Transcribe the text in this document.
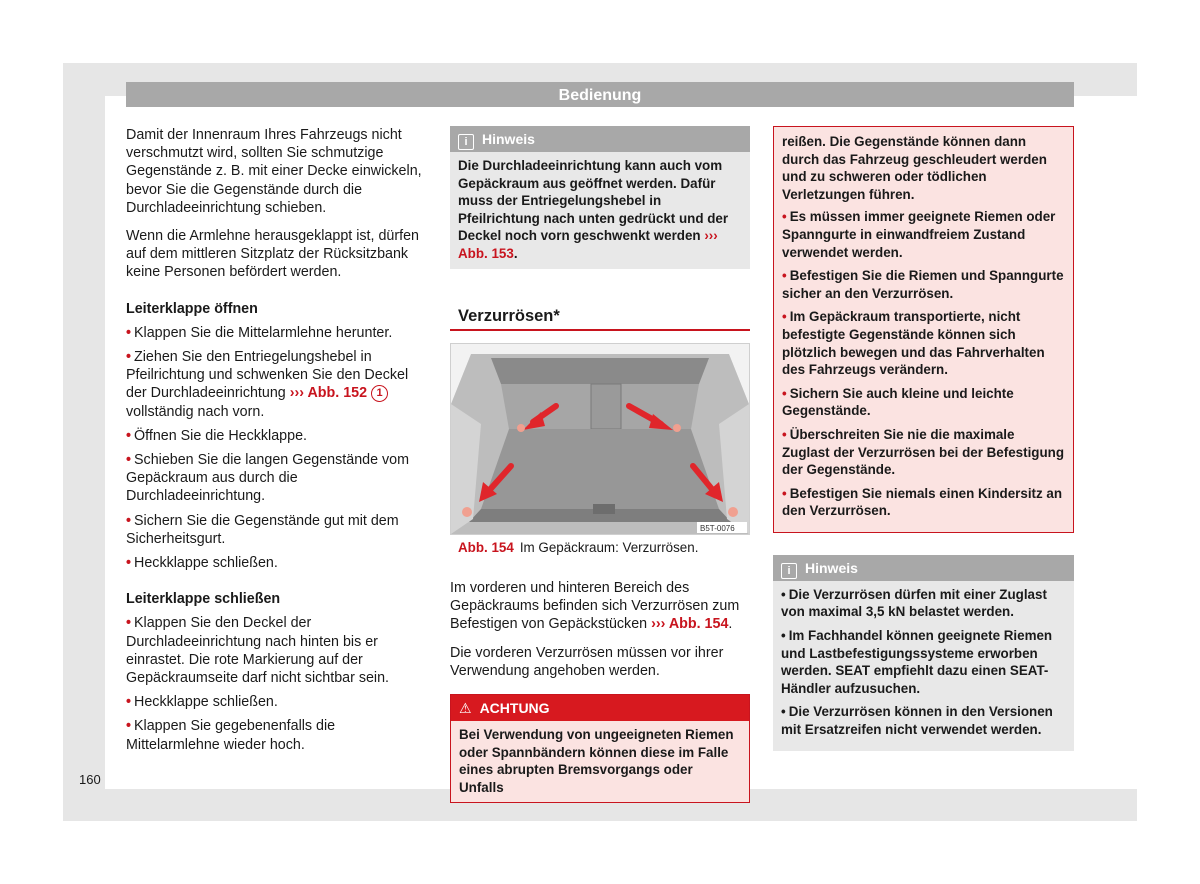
Bedienung

Damit der Innenraum Ihres Fahrzeugs nicht verschmutzt wird, sollten Sie schmutzige Gegenstände z. B. mit einer Decke einwickeln, bevor Sie die Gegenstände durch die Durchladeeinrichtung schieben.

Wenn die Armlehne herausgeklappt ist, dürfen auf dem mittleren Sitzplatz der Rücksitzbank keine Personen befördert werden.

Leiterklappe öffnen
• Klappen Sie die Mittelarmlehne herunter.
• Ziehen Sie den Entriegelungshebel in Pfeilrichtung und schwenken Sie den Deckel der Durchladeeinrichtung ››› Abb. 152 1 vollständig nach vorn.
• Öffnen Sie die Heckklappe.
• Schieben Sie die langen Gegenstände vom Gepäckraum aus durch die Durchladeeinrichtung.
• Sichern Sie die Gegenstände gut mit dem Sicherheitsgurt.
• Heckklappe schließen.
Leiterklappe schließen
• Klappen Sie den Deckel der Durchladeeinrichtung nach hinten bis er einrastet. Die rote Markierung auf der Gepäckraumseite darf nicht sichtbar sein.
• Heckklappe schließen.
• Klappen Sie gegebenenfalls die Mittelarmlehne wieder hoch.
i Hinweis
Die Durchladeeinrichtung kann auch vom Gepäckraum aus geöffnet werden. Dafür muss der Entriegelungshebel in Pfeilrichtung nach unten gedrückt und der Deckel noch vorn geschwenkt werden ››› Abb. 153.
Verzurrösen*
B5T-0076
Abb. 154 Im Gepäckraum: Verzurrösen.

Im vorderen und hinteren Bereich des Gepäckraums befinden sich Verzurrösen zum Befestigen von Gepäckstücken ››› Abb. 154.

Die vorderen Verzurrösen müssen vor ihrer Verwendung angehoben werden.

⚠ ACHTUNG
Bei Verwendung von ungeeigneten Riemen oder Spannbändern können diese im Falle eines abrupten Bremsvorgangs oder Unfalls

reißen. Die Gegenstände können dann durch das Fahrzeug geschleudert werden und zu schweren oder tödlichen Verletzungen führen.

• Es müssen immer geeignete Riemen oder Spanngurte in einwandfreiem Zustand verwendet werden.
• Befestigen Sie die Riemen und Spanngurte sicher an den Verzurrösen.
• Im Gepäckraum transportierte, nicht befestigte Gegenstände können sich plötzlich bewegen und das Fahrverhalten des Fahrzeugs verändern.
• Sichern Sie auch kleine und leichte Gegenstände.
• Überschreiten Sie nie die maximale Zuglast der Verzurrösen bei der Befestigung der Gegenstände.
• Befestigen Sie niemals einen Kindersitz an den Verzurrösen.
i Hinweis
• Die Verzurrösen dürfen mit einer Zuglast von maximal 3,5 kN belastet werden.
• Im Fachhandel können geeignete Riemen und Lastbefestigungssysteme erworben werden. SEAT empfiehlt dazu einen SEAT-Händler aufzusuchen.
• Die Verzurrösen können in den Versionen mit Ersatzreifen nicht verwendet werden.
160
